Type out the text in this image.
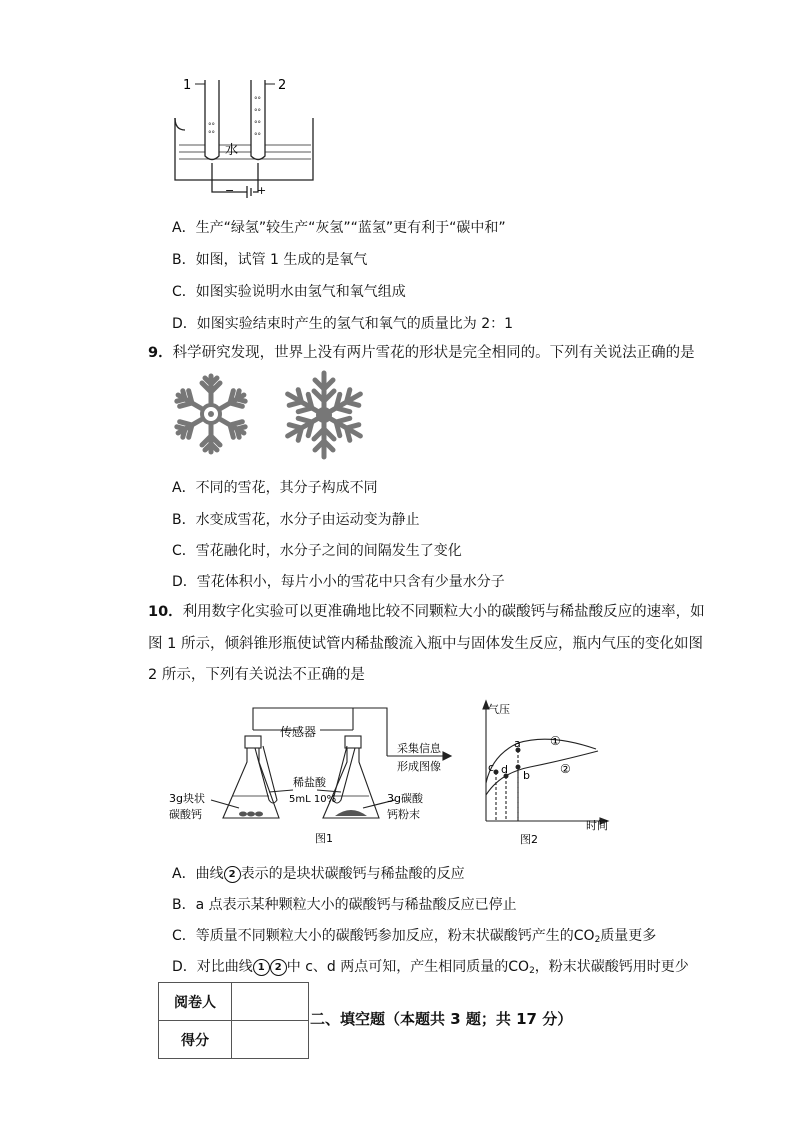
°°
°°
°°
°°
°°
°°
1	2
水
− +
A．生产“绿氢”较生产“灰氢”“蓝氢”更有利于“碳中和”
B．如图，试管 1 生成的是氧气
C．如图实验说明水由氢气和氧气组成
D．如图实验结束时产生的氢气和氧气的质量比为 2：1
9．科学研究发现，世界上没有两片雪花的形状是完全相同的。下列有关说法正确的是
A．不同的雪花，其分子构成不同
B．水变成雪花，水分子由运动变为静止
C．雪花融化时，水分子之间的间隔发生了变化
D．雪花体积小，每片小小的雪花中只含有少量水分子
10．利用数字化实验可以更准确地比较不同颗粒大小的碳酸钙与稀盐酸反应的速率，如
图 1 所示，倾斜锥形瓶使试管内稀盐酸流入瓶中与固体发生反应，瓶内气压的变化如图
2 所示，下列有关说法不正确的是
传感器
采集信息
形成图像
稀盐酸
5mL 10%
3g块状
碳酸钙
3g碳酸
钙粉末
图1
气压
时间
①
②
a
b
c d
图2
A．曲线 2 表示的是块状碳酸钙与稀盐酸的反应
B．a 点表示某种颗粒大小的碳酸钙与稀盐酸反应已停止
C．等质量不同颗粒大小的碳酸钙参加反应，粉末状碳酸钙产生的$CO_2$质量更多
D．对比曲线 1 2 中 c、d 两点可知，产生相同质量的$CO_2$，粉末状碳酸钙用时更少
阅卷人	
得分	
二、填空题（本题共 3 题；共 17 分）
